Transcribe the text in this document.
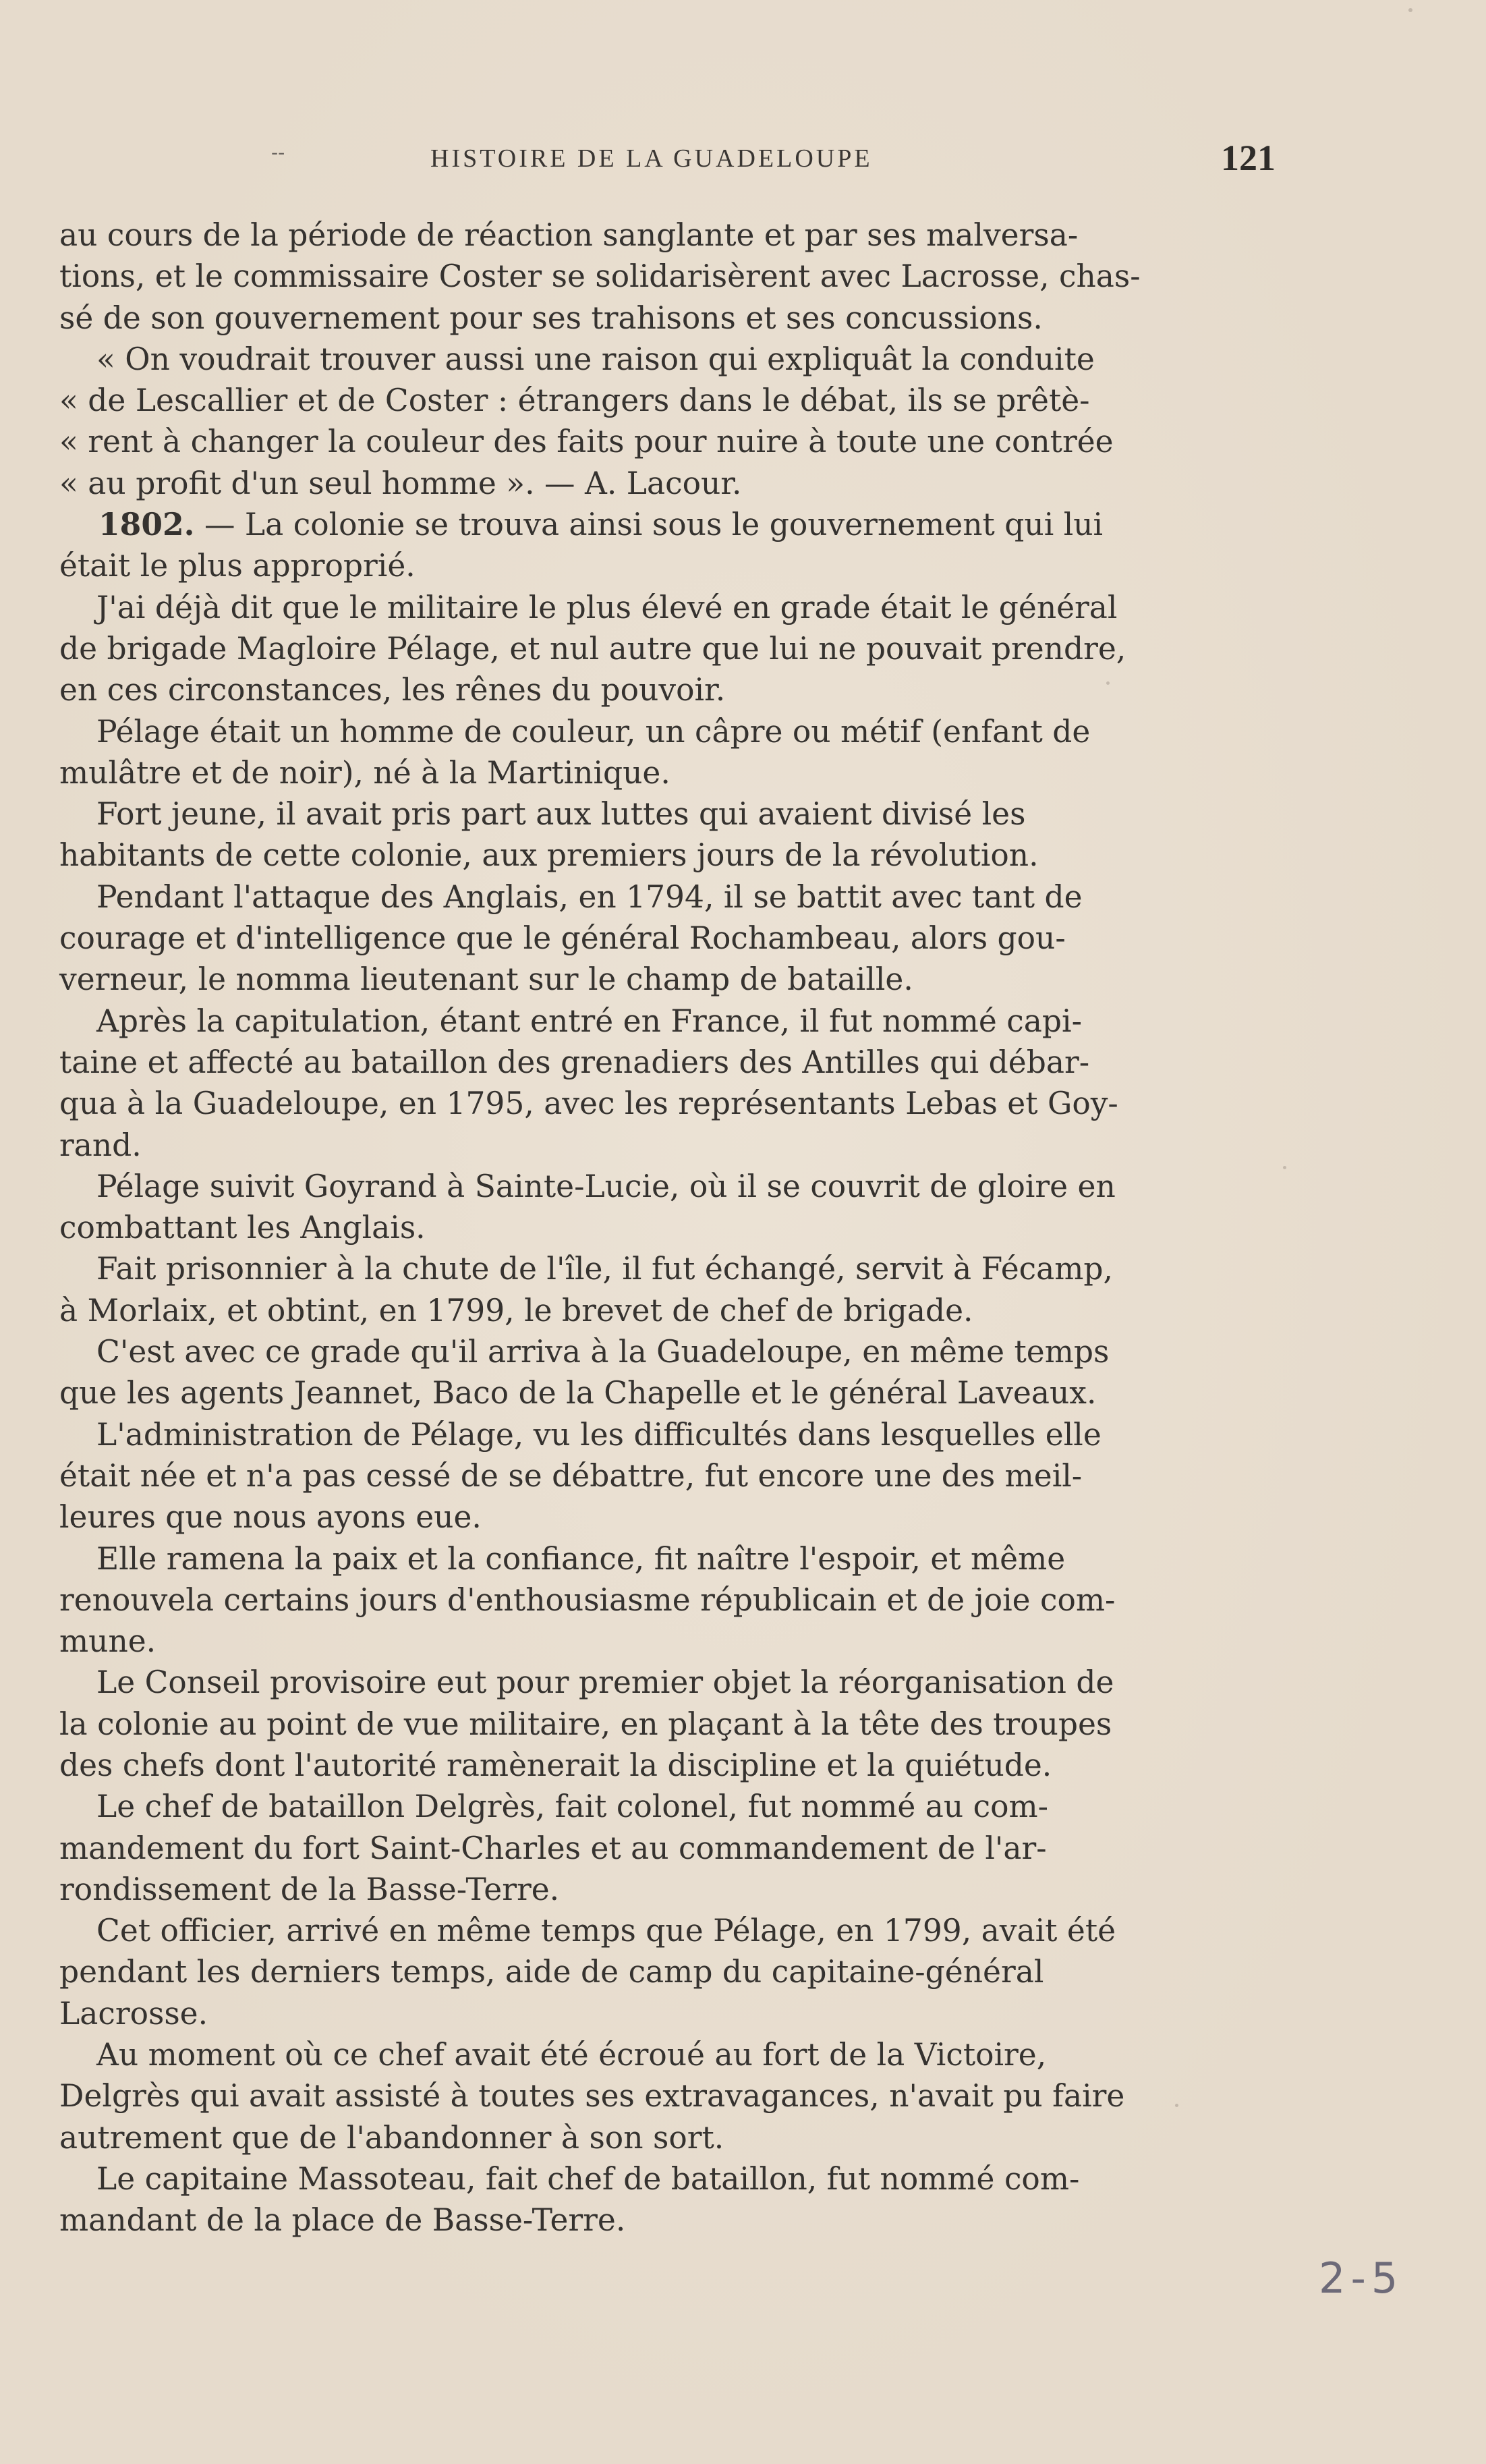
--	HISTOIRE DE LA GUADELOUPE	121
au cours de la période de réaction sanglante et par ses malversa-
tions, et le commissaire Coster se solidarisèrent avec Lacrosse, chas-
sé de son gouvernement pour ses trahisons et ses concussions.
« On voudrait trouver aussi une raison qui expliquât la conduite
« de Lescallier et de Coster : étrangers dans le débat, ils se prêtè-
« rent à changer la couleur des faits pour nuire à toute une contrée
« au profit d'un seul homme ». — A. Lacour.
1802. — La colonie se trouva ainsi sous le gouvernement qui lui
était le plus approprié.
J'ai déjà dit que le militaire le plus élevé en grade était le général
de brigade Magloire Pélage, et nul autre que lui ne pouvait prendre,
en ces circonstances, les rênes du pouvoir.
Pélage était un homme de couleur, un câpre ou métif (enfant de
mulâtre et de noir), né à la Martinique.
Fort jeune, il avait pris part aux luttes qui avaient divisé les
habitants de cette colonie, aux premiers jours de la révolution.
Pendant l'attaque des Anglais, en 1794, il se battit avec tant de
courage et d'intelligence que le général Rochambeau, alors gou-
verneur, le nomma lieutenant sur le champ de bataille.
Après la capitulation, étant entré en France, il fut nommé capi-
taine et affecté au bataillon des grenadiers des Antilles qui débar-
qua à la Guadeloupe, en 1795, avec les représentants Lebas et Goy-
rand.
Pélage suivit Goyrand à Sainte-Lucie, où il se couvrit de gloire en
combattant les Anglais.
Fait prisonnier à la chute de l'île, il fut échangé, servit à Fécamp,
à Morlaix, et obtint, en 1799, le brevet de chef de brigade.
C'est avec ce grade qu'il arriva à la Guadeloupe, en même temps
que les agents Jeannet, Baco de la Chapelle et le général Laveaux.
L'administration de Pélage, vu les difficultés dans lesquelles elle
était née et n'a pas cessé de se débattre, fut encore une des meil-
leures que nous ayons eue.
Elle ramena la paix et la confiance, fit naître l'espoir, et même
renouvela certains jours d'enthousiasme républicain et de joie com-
mune.
Le Conseil provisoire eut pour premier objet la réorganisation de
la colonie au point de vue militaire, en plaçant à la tête des troupes
des chefs dont l'autorité ramènerait la discipline et la quiétude.
Le chef de bataillon Delgrès, fait colonel, fut nommé au com-
mandement du fort Saint-Charles et au commandement de l'ar-
rondissement de la Basse-Terre.
Cet officier, arrivé en même temps que Pélage, en 1799, avait été
pendant les derniers temps, aide de camp du capitaine-général
Lacrosse.
Au moment où ce chef avait été écroué au fort de la Victoire,
Delgrès qui avait assisté à toutes ses extravagances, n'avait pu faire
autrement que de l'abandonner à son sort.
Le capitaine Massoteau, fait chef de bataillon, fut nommé com-
mandant de la place de Basse-Terre.
2-5
